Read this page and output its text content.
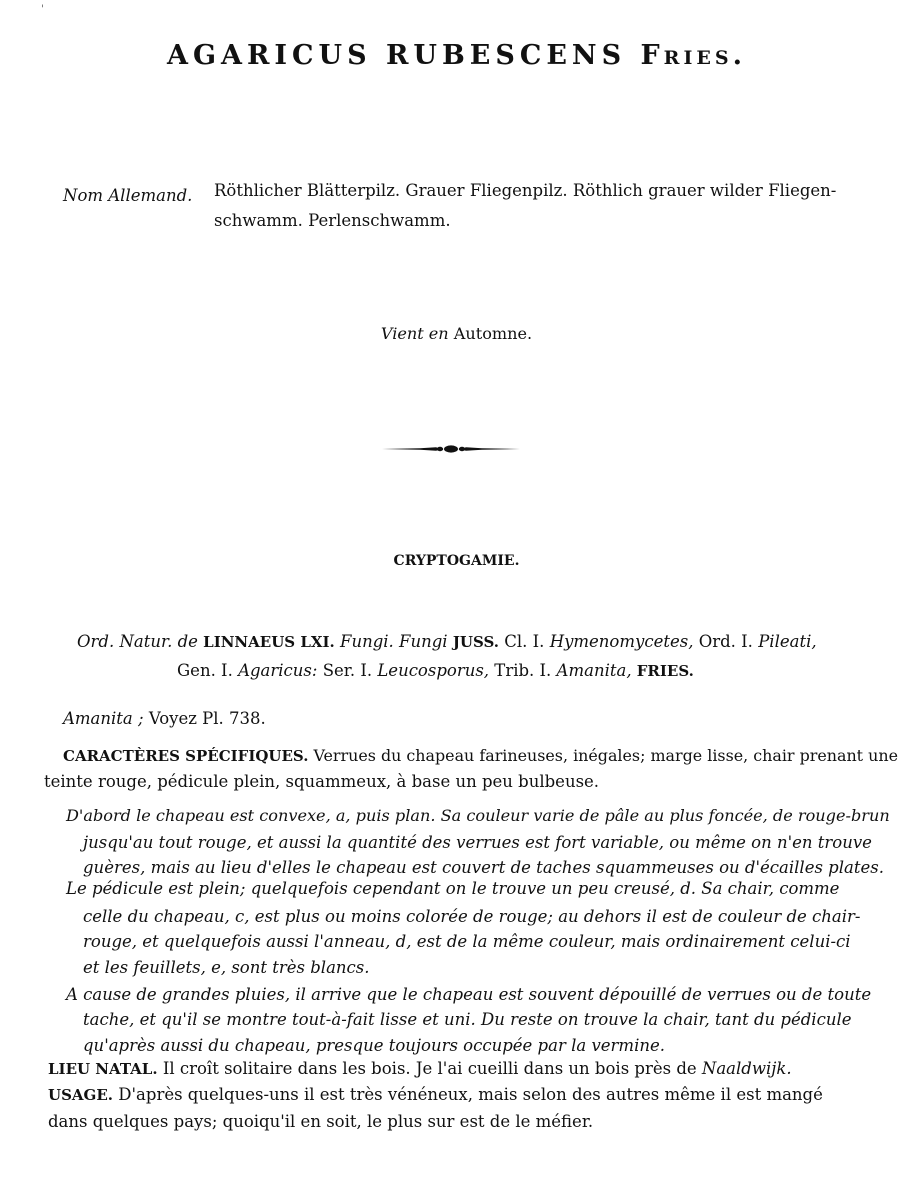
'
AGARICUS RUBESCENS Fries.
Nom Allemand. Röthlicher Blätterpilz. Grauer Fliegenpilz. Röthlich grauer wilder Fliegen-
schwamm. Perlenschwamm.
Vient en Automne.
CRYPTOGAMIE.
Ord. Natur. de LINNAEUS LXI. Fungi. Fungi JUSS. Cl. I. Hymenomycetes, Ord. I. Pileati,
Gen. I. Agaricus: Ser. I. Leucosporus, Trib. I. Amanita, FRIES.
Amanita ; Voyez Pl. 738.
CARACTÈRES SPÉCIFIQUES. Verrues du chapeau farineuses, inégales; marge lisse, chair prenant une
teinte rouge, pédicule plein, squammeux, à base un peu bulbeuse.
D'abord le chapeau est convexe, a, puis plan. Sa couleur varie de pâle au plus foncée, de rouge-brun
jusqu'au tout rouge, et aussi la quantité des verrues est fort variable, ou même on n'en trouve
guères, mais au lieu d'elles le chapeau est couvert de taches squammeuses ou d'écailles plates.
Le pédicule est plein; quelquefois cependant on le trouve un peu creusé, d. Sa chair, comme
celle du chapeau, c, est plus ou moins colorée de rouge; au dehors il est de couleur de chair-
rouge, et quelquefois aussi l'anneau, d, est de la même couleur, mais ordinairement celui-ci
et les feuillets, e, sont très blancs.
A cause de grandes pluies, il arrive que le chapeau est souvent dépouillé de verrues ou de toute
tache, et qu'il se montre tout-à-fait lisse et uni. Du reste on trouve la chair, tant du pédicule
qu'après aussi du chapeau, presque toujours occupée par la vermine.
LIEU NATAL. Il croît solitaire dans les bois. Je l'ai cueilli dans un bois près de Naaldwijk.
USAGE. D'après quelques-uns il est très vénéneux, mais selon des autres même il est mangé
dans quelques pays; quoiqu'il en soit, le plus sur est de le méfier.
